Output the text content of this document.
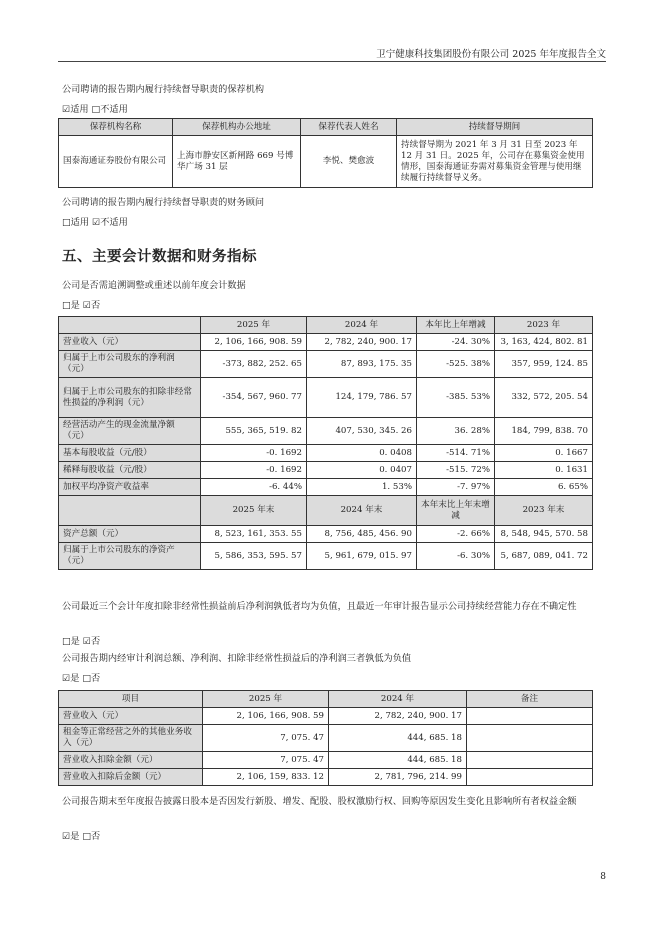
卫宁健康科技集团股份有限公司 2025 年年度报告全文
公司聘请的报告期内履行持续督导职责的保荐机构
☑适用 □不适用
保荐机构名称	保荐机构办公地址	保荐代表人姓名	持续督导期间
国泰海通证券股份有限公司	上海市静安区新闸路 669 号博华广场 31 层	李悦、樊愈波	持续督导期为 2021 年 3 月 31 日至 2023 年 12 月 31 日。2025 年，公司存在募集资金使用情形，国泰海通证券需对募集资金管理与使用继续履行持续督导义务。
公司聘请的报告期内履行持续督导职责的财务顾问
□适用 ☑不适用
五、主要会计数据和财务指标
公司是否需追溯调整或重述以前年度会计数据
□是 ☑否
	2025 年	2024 年	本年比上年增减	2023 年
营业收入（元）	2, 106, 166, 908. 59	2, 782, 240, 900. 17	-24. 30%	3, 163, 424, 802. 81
归属于上市公司股东的净利润（元）	-373, 882, 252. 65	87, 893, 175. 35	-525. 38%	357, 959, 124. 85
归属于上市公司股东的扣除非经常性损益的净利润（元）	-354, 567, 960. 77	124, 179, 786. 57	-385. 53%	332, 572, 205. 54
经营活动产生的现金流量净额（元）	555, 365, 519. 82	407, 530, 345. 26	36. 28%	184, 799, 838. 70
基本每股收益（元/股）	-0. 1692	0. 0408	-514. 71%	0. 1667
稀释每股收益（元/股）	-0. 1692	0. 0407	-515. 72%	0. 1631
加权平均净资产收益率	-6. 44%	1. 53%	-7. 97%	6. 65%
	2025 年末	2024 年末	本年末比上年末增减	2023 年末
资产总额（元）	8, 523, 161, 353. 55	8, 756, 485, 456. 90	-2. 66%	8, 548, 945, 570. 58
归属于上市公司股东的净资产（元）	5, 586, 353, 595. 57	5, 961, 679, 015. 97	-6. 30%	5, 687, 089, 041. 72
公司最近三个会计年度扣除非经常性损益前后净利润孰低者均为负值，且最近一年审计报告显示公司持续经营能力存在不确定性
□是 ☑否
公司报告期内经审计利润总额、净利润、扣除非经常性损益后的净利润三者孰低为负值
☑是 □否
项目	2025 年	2024 年	备注
营业收入（元）	2, 106, 166, 908. 59	2, 782, 240, 900. 17	
租金等正常经营之外的其他业务收入（元）	7, 075. 47	444, 685. 18	
营业收入扣除金额（元）	7, 075. 47	444, 685. 18	
营业收入扣除后金额（元）	2, 106, 159, 833. 12	2, 781, 796, 214. 99	
公司报告期末至年度报告披露日股本是否因发行新股、增发、配股、股权激励行权、回购等原因发生变化且影响所有者权益金额
☑是 □否
8
